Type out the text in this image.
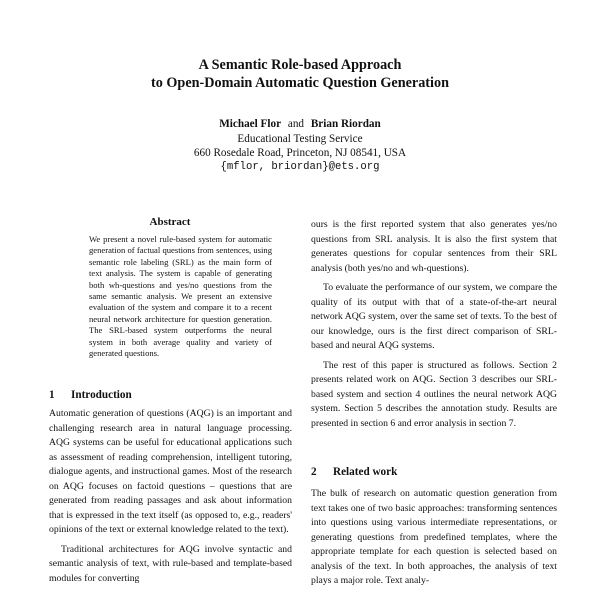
A Semantic Role-based Approach
to Open-Domain Automatic Question Generation
Michael Flor and Brian Riordan
Educational Testing Service
660 Rosedale Road, Princeton, NJ 08541, USA
{mflor, briordan}@ets.org
Abstract
We present a novel rule-based system for automatic generation of factual questions from sentences, using semantic role labeling (SRL) as the main form of text analysis. The system is capable of generating both wh-questions and yes/no questions from the same semantic analysis. We present an extensive evaluation of the system and compare it to a recent neural network architecture for question generation. The SRL-based system outperforms the neural system in both average quality and variety of generated questions.
1 Introduction

Automatic generation of questions (AQG) is an important and challenging research area in natural language processing. AQG systems can be useful for educational applications such as assessment of reading comprehension, intelligent tutoring, dialogue agents, and instructional games. Most of the research on AQG focuses on factoid questions – questions that are generated from reading passages and ask about information that is expressed in the text itself (as opposed to, e.g., readers' opinions of the text or external knowledge related to the text).

Traditional architectures for AQG involve syntactic and semantic analysis of text, with rule-based and template-based modules for converting

ours is the first reported system that also generates yes/no questions from SRL analysis. It is also the first system that generates questions for copular sentences from their SRL analysis (both yes/no and wh-questions).

To evaluate the performance of our system, we compare the quality of its output with that of a state-of-the-art neural network AQG system, over the same set of texts. To the best of our knowledge, ours is the first direct comparison of SRL-based and neural AQG systems.

The rest of this paper is structured as follows. Section 2 presents related work on AQG. Section 3 describes our SRL-based system and section 4 outlines the neural network AQG system. Section 5 describes the annotation study. Results are presented in section 6 and error analysis in section 7.

2 Related work

The bulk of research on automatic question generation from text takes one of two basic approaches: transforming sentences into questions using various intermediate representations, or generating questions from predefined templates, where the appropriate template for each question is selected based on analysis of the text. In both approaches, the analysis of text plays a major role. Text analy-
